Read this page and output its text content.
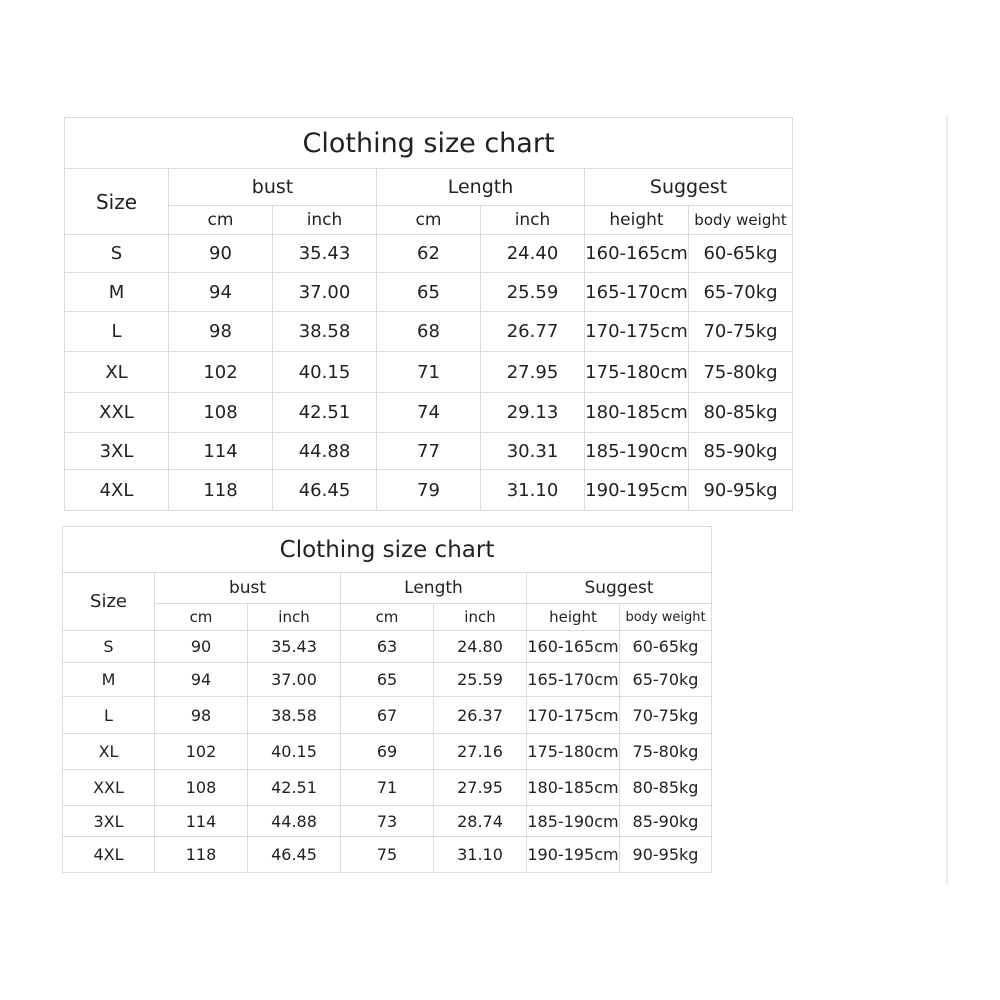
Clothing size chart						
Size	bust		Length		Suggest	
	cm	inch	cm	inch	height	body weight
S	90	35.43	62	24.40	160-165cm	60-65kg
M	94	37.00	65	25.59	165-170cm	65-70kg
L	98	38.58	68	26.77	170-175cm	70-75kg
XL	102	40.15	71	27.95	175-180cm	75-80kg
XXL	108	42.51	74	29.13	180-185cm	80-85kg
3XL	114	44.88	77	30.31	185-190cm	85-90kg
4XL	118	46.45	79	31.10	190-195cm	90-95kg
Clothing size chart						
Size	bust		Length		Suggest	
	cm	inch	cm	inch	height	body weight
S	90	35.43	63	24.80	160-165cm	60-65kg
M	94	37.00	65	25.59	165-170cm	65-70kg
L	98	38.58	67	26.37	170-175cm	70-75kg
XL	102	40.15	69	27.16	175-180cm	75-80kg
XXL	108	42.51	71	27.95	180-185cm	80-85kg
3XL	114	44.88	73	28.74	185-190cm	85-90kg
4XL	118	46.45	75	31.10	190-195cm	90-95kg
